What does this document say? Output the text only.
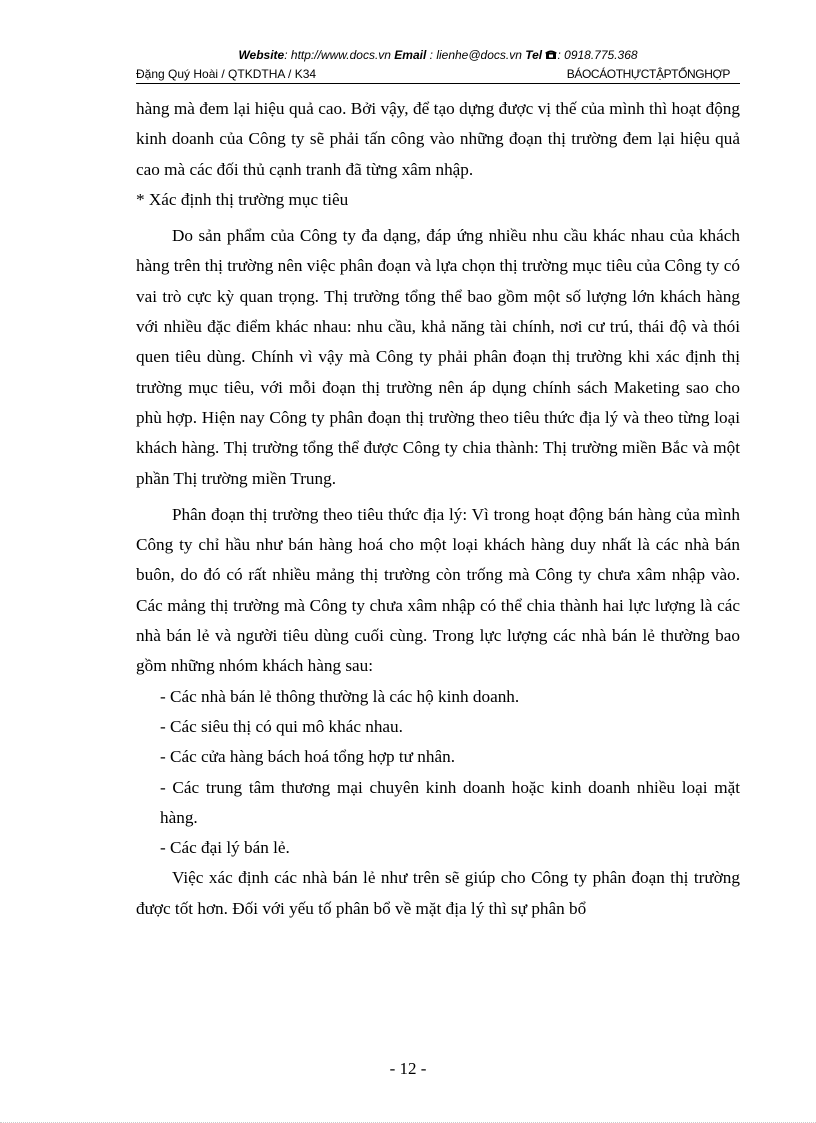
Website: http://www.docs.vn Email : lienhe@docs.vn Tel : 0918.775.368
Đặng Quý Hoài / QTKDTHA / K34	BÁOCÁOTHỰCTẬPTỔNGHỢP

hàng mà đem lại hiệu quả cao. Bởi vậy, để tạo dựng được vị thế của mình thì hoạt động kinh doanh của Công ty sẽ phải tấn công vào những đoạn thị trường đem lại hiệu quả cao mà các đối thủ cạnh tranh đã từng xâm nhập.

* Xác định thị trường mục tiêu

Do sản phẩm của Công ty đa dạng, đáp ứng nhiều nhu cầu khác nhau của khách hàng trên thị trường nên việc phân đoạn và lựa chọn thị trường mục tiêu của Công ty có vai trò cực kỳ quan trọng. Thị trường tổng thể bao gồm một số lượng lớn khách hàng với nhiều đặc điểm khác nhau: nhu cầu, khả năng tài chính, nơi cư trú, thái độ và thói quen tiêu dùng. Chính vì vậy mà Công ty phải phân đoạn thị trường khi xác định thị trường mục tiêu, với mỗi đoạn thị trường nên áp dụng chính sách Maketing sao cho phù hợp. Hiện nay Công ty phân đoạn thị trường theo tiêu thức địa lý và theo từng loại khách hàng. Thị trường tổng thể được Công ty chia thành: Thị trường miền Bắc và một phần Thị trường miền Trung.

Phân đoạn thị trường theo tiêu thức địa lý: Vì trong hoạt động bán hàng của mình Công ty chỉ hầu như bán hàng hoá cho một loại khách hàng duy nhất là các nhà bán buôn, do đó có rất nhiều mảng thị trường còn trống mà Công ty chưa xâm nhập vào. Các mảng thị trường mà Công ty chưa xâm nhập có thể chia thành hai lực lượng là các nhà bán lẻ và người tiêu dùng cuối cùng. Trong lực lượng các nhà bán lẻ thường bao gồm những nhóm khách hàng sau:

- Các nhà bán lẻ thông thường là các hộ kinh doanh.

- Các siêu thị có qui mô khác nhau.

- Các cửa hàng bách hoá tổng hợp tư nhân.

- Các trung tâm thương mại chuyên kinh doanh hoặc kinh doanh nhiều loại mặt hàng.

- Các đại lý bán lẻ.

Việc xác định các nhà bán lẻ như trên sẽ giúp cho Công ty phân đoạn thị trường được tốt hơn. Đối với yếu tố phân bổ về mặt địa lý thì sự phân bổ

- 12 -
